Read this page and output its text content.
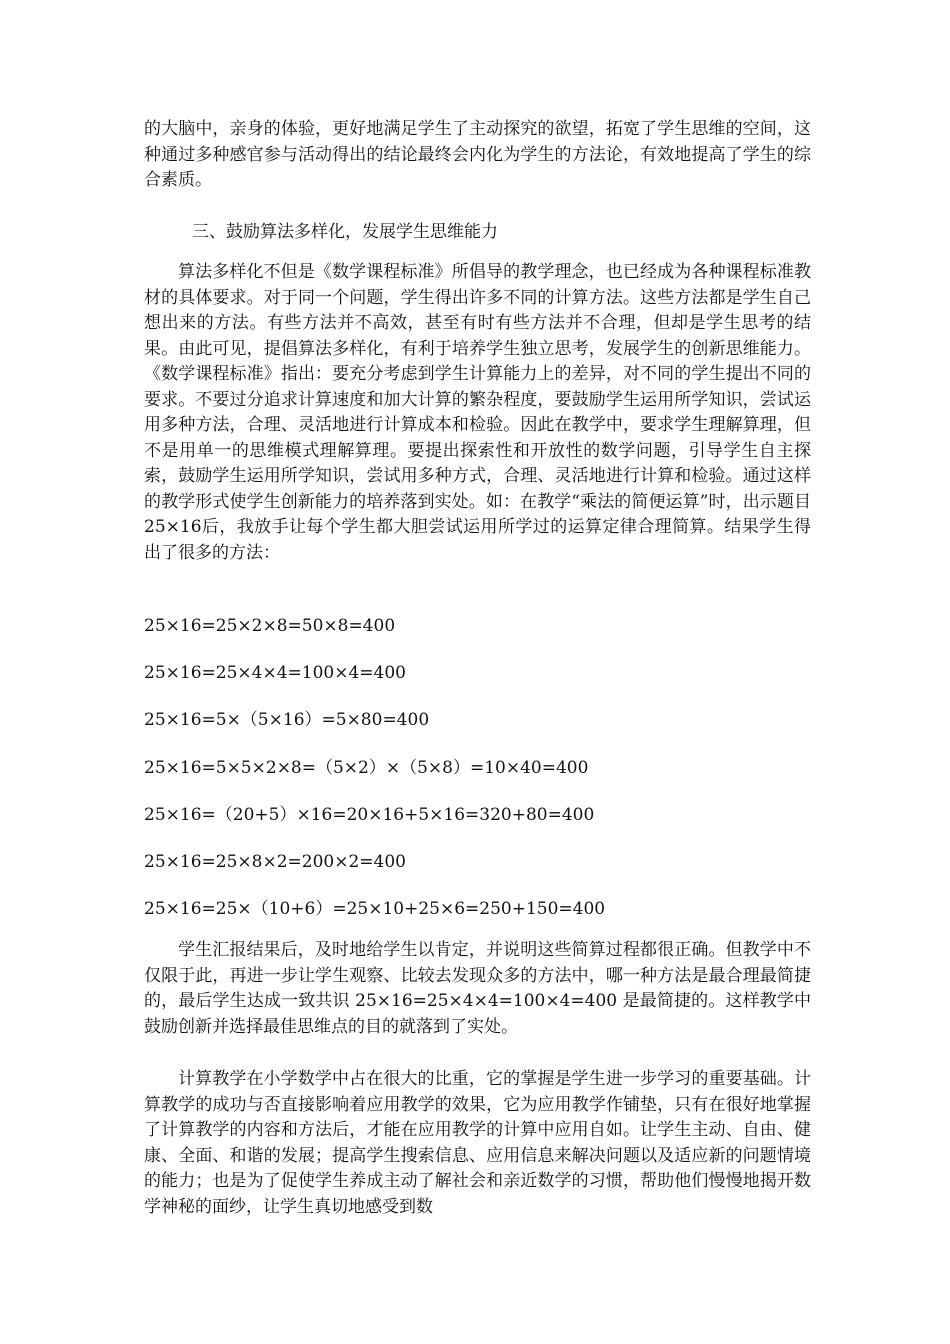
的大脑中，亲身的体验，更好地满足学生了主动探究的欲望，拓宽了学生思维的空间，这种通过多种感官参与活动得出的结论最终会内化为学生的方法论，有效地提高了学生的综合素质。

三、鼓励算法多样化，发展学生思维能力

算法多样化不但是《数学课程标准》所倡导的教学理念，也已经成为各种课程标准教材的具体要求。对于同一个问题，学生得出许多不同的计算方法。这些方法都是学生自己想出来的方法。有些方法并不高效，甚至有时有些方法并不合理，但却是学生思考的结果。由此可见，提倡算法多样化，有利于培养学生独立思考，发展学生的创新思维能力。《数学课程标准》指出：要充分考虑到学生计算能力上的差异，对不同的学生提出不同的要求。不要过分追求计算速度和加大计算的繁杂程度，要鼓励学生运用所学知识，尝试运用多种方法，合理、灵活地进行计算成本和检验。因此在教学中，要求学生理解算理，但不是用单一的思维模式理解算理。要提出探索性和开放性的数学问题，引导学生自主探索，鼓励学生运用所学知识，尝试用多种方式，合理、灵活地进行计算和检验。通过这样的教学形式使学生创新能力的培养落到实处。如：在教学“乘法的简便运算”时，出示题目25×16后，我放手让每个学生都大胆尝试运用所学过的运算定律合理简算。结果学生得出了很多的方法：

25×16=25×2×8=50×8=400
25×16=25×4×4=100×4=400
25×16=5×（5×16）=5×80=400
25×16=5×5×2×8=（5×2）×（5×8）=10×40=400
25×16=（20+5）×16=20×16+5×16=320+80=400
25×16=25×8×2=200×2=400
25×16=25×（10+6）=25×10+25×6=250+150=400

学生汇报结果后，及时地给学生以肯定，并说明这些简算过程都很正确。但教学中不仅限于此，再进一步让学生观察、比较去发现众多的方法中，哪一种方法是最合理最简捷的，最后学生达成一致共识 25×16=25×4×4=100×4=400 是最简捷的。这样教学中鼓励创新并选择最佳思维点的目的就落到了实处。

计算教学在小学数学中占在很大的比重，它的掌握是学生进一步学习的重要基础。计算教学的成功与否直接影响着应用教学的效果，它为应用教学作铺垫，只有在很好地掌握了计算教学的内容和方法后，才能在应用教学的计算中应用自如。让学生主动、自由、健康、全面、和谐的发展；提高学生搜索信息、应用信息来解决问题以及适应新的问题情境的能力；也是为了促使学生养成主动了解社会和亲近数学的习惯，帮助他们慢慢地揭开数学神秘的面纱，让学生真切地感受到数
